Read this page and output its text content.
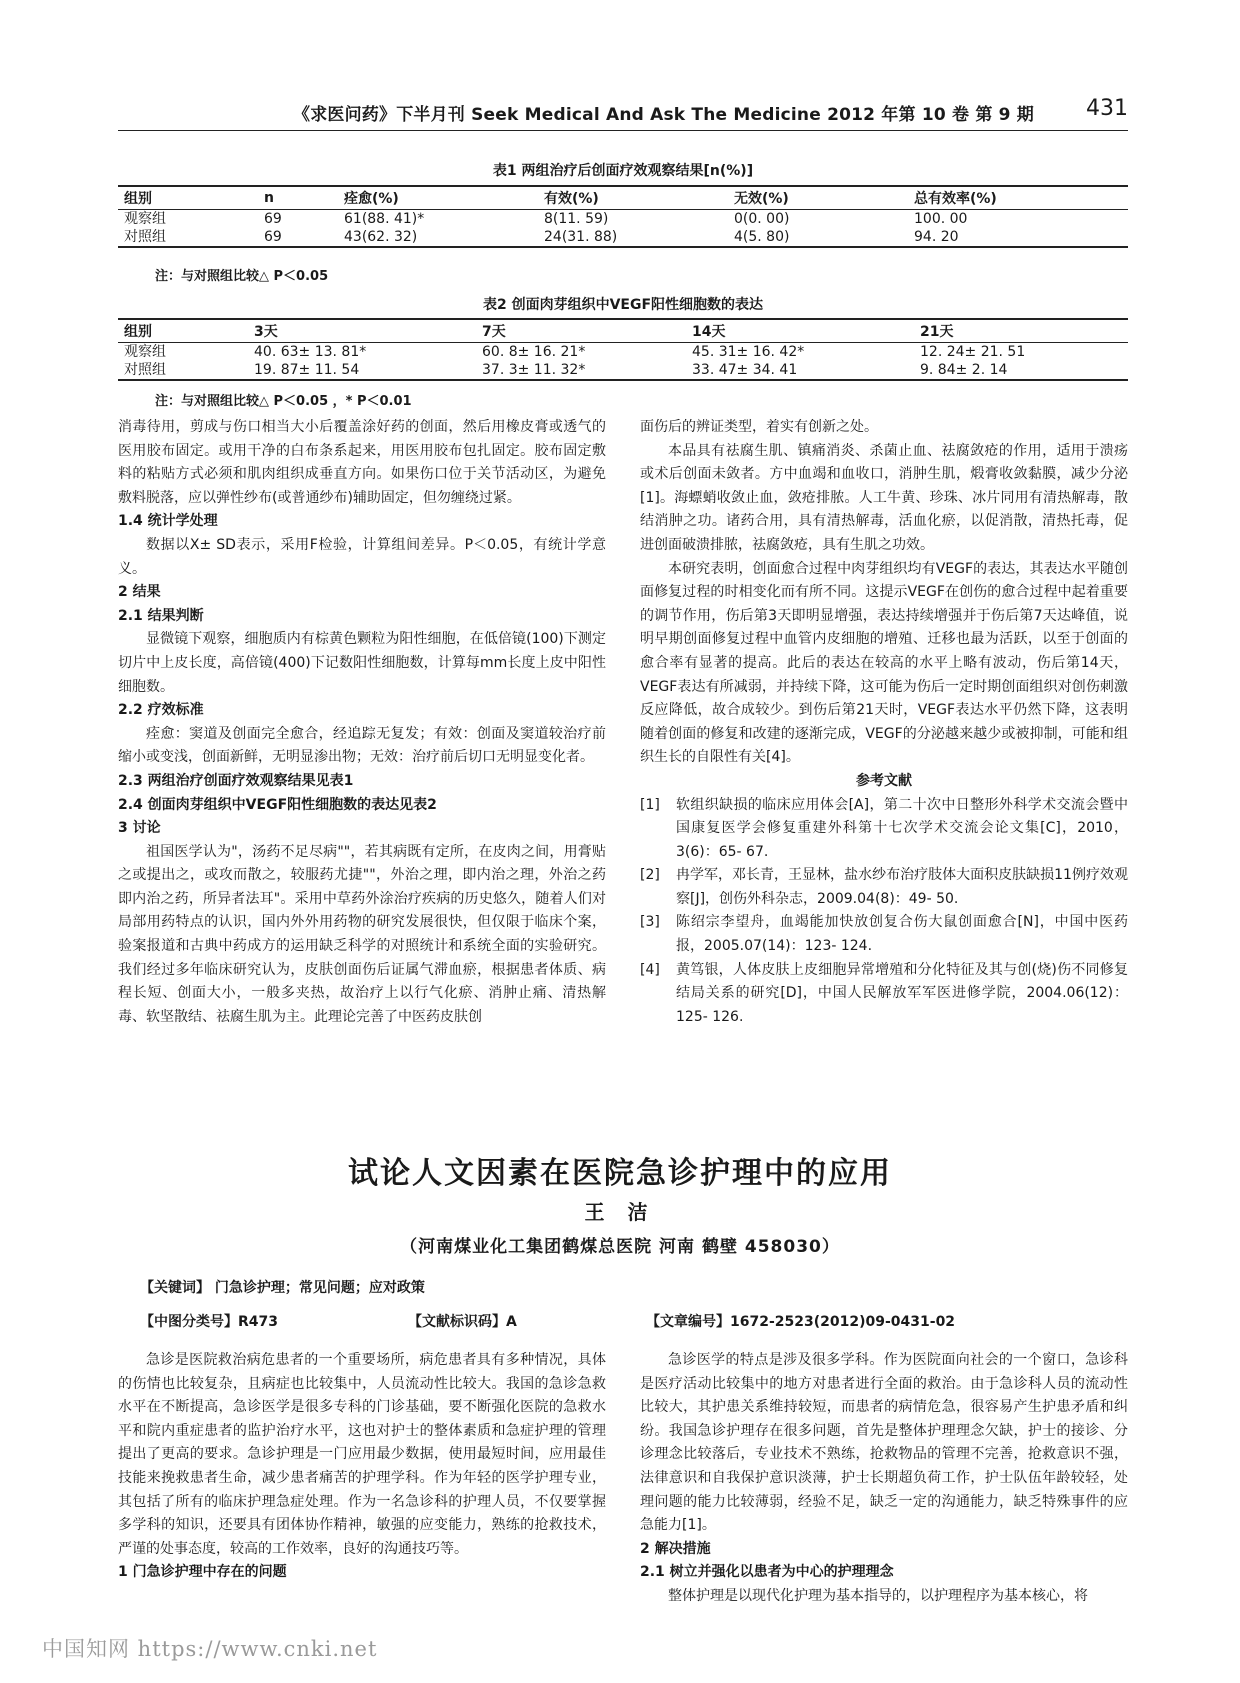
《求医问药》下半月刊 Seek Medical And Ask The Medicine 2012 年第 10 卷 第 9 期 431
表1 两组治疗后创面疗效观察结果[n(%)]
组别	n	痊愈(%)	有效(%)	无效(%)	总有效率(%)
观察组	69	61(88. 41)*	8(11. 59)	0(0. 00)	100. 00
对照组	69	43(62. 32)	24(31. 88)	4(5. 80)	94. 20
注：与对照组比较△ P＜0.05
表2 创面肉芽组织中VEGF阳性细胞数的表达
组别	3天	7天	14天	21天
观察组	40. 63± 13. 81*	60. 8± 16. 21*	45. 31± 16. 42*	12. 24± 21. 51
对照组	19. 87± 11. 54	37. 3± 11. 32*	33. 47± 34. 41	9. 84± 2. 14
注：与对照组比较△ P＜0.05 ，* P＜0.01

消毒待用，剪成与伤口相当大小后覆盖涂好药的创面，然后用橡皮膏或透气的医用胶布固定。或用干净的白布条系起来，用医用胶布包扎固定。胶布固定敷料的粘贴方式必须和肌肉组织成垂直方向。如果伤口位于关节活动区，为避免敷料脱落，应以弹性纱布(或普通纱布)辅助固定，但勿缠绕过紧。

1.4 统计学处理

数据以X± SD表示，采用F检验，计算组间差异。P＜0.05，有统计学意义。

2 结果

2.1 结果判断

显微镜下观察，细胞质内有棕黄色颗粒为阳性细胞，在低倍镜(100)下测定切片中上皮长度，高倍镜(400)下记数阳性细胞数，计算每mm长度上皮中阳性细胞数。

2.2 疗效标准

痊愈：窦道及创面完全愈合，经追踪无复发；有效：创面及窦道较治疗前缩小或变浅，创面新鲜，无明显渗出物；无效：治疗前后切口无明显变化者。

2.3 两组治疗创面疗效观察结果见表1

2.4 创面肉芽组织中VEGF阳性细胞数的表达见表2

3 讨论

祖国医学认为"，汤药不足尽病""，若其病既有定所，在皮肉之间，用膏贴之或提出之，或攻而散之，较服药尤捷""，外治之理，即内治之理，外治之药即内治之药，所异者法耳"。采用中草药外涂治疗疾病的历史悠久，随着人们对局部用药特点的认识，国内外外用药物的研究发展很快，但仅限于临床个案，验案报道和古典中药成方的运用缺乏科学的对照统计和系统全面的实验研究。我们经过多年临床研究认为，皮肤创面伤后证属气滞血瘀，根据患者体质、病程长短、创面大小，一般多夹热，故治疗上以行气化瘀、消肿止痛、清热解毒、软坚散结、祛腐生肌为主。此理论完善了中医药皮肤创

面伤后的辨证类型，着实有创新之处。

本品具有祛腐生肌、镇痛消炎、杀菌止血、祛腐敛疮的作用，适用于溃疡或术后创面未敛者。方中血竭和血收口，消肿生肌，煅膏收敛黏膜，减少分泌[1]。海螵蛸收敛止血，敛疮排脓。人工牛黄、珍珠、冰片同用有清热解毒，散结消肿之功。诸药合用，具有清热解毒，活血化瘀，以促消散，清热托毒，促进创面破溃排脓，祛腐敛疮，具有生肌之功效。

本研究表明，创面愈合过程中肉芽组织均有VEGF的表达，其表达水平随创面修复过程的时相变化而有所不同。这提示VEGF在创伤的愈合过程中起着重要的调节作用，伤后第3天即明显增强，表达持续增强并于伤后第7天达峰值，说明早期创面修复过程中血管内皮细胞的增殖、迁移也最为活跃，以至于创面的愈合率有显著的提高。此后的表达在较高的水平上略有波动，伤后第14天，VEGF表达有所减弱，并持续下降，这可能为伤后一定时期创面组织对创伤刺激反应降低，故合成较少。到伤后第21天时，VEGF表达水平仍然下降，这表明随着创面的修复和改建的逐渐完成，VEGF的分泌越来越少或被抑制，可能和组织生长的自限性有关[4]。

参考文献

[1]	软组织缺损的临床应用体会[A]，第二十次中日整形外科学术交流会暨中国康复医学会修复重建外科第十七次学术交流会论文集[C]，2010，3(6)：65- 67.
[2]	冉学军，邓长青，王显林，盐水纱布治疗肢体大面积皮肤缺损11例疗效观察[J]，创伤外科杂志，2009.04(8)：49- 50.
[3]	陈绍宗李望舟，血竭能加快放创复合伤大鼠创面愈合[N]，中国中医药报，2005.07(14)：123- 124.
[4]	黄笃银，人体皮肤上皮细胞异常增殖和分化特征及其与创(烧)伤不同修复结局关系的研究[D]，中国人民解放军军医进修学院，2004.06(12)：125- 126.
试论人文因素在医院急诊护理中的应用
王 洁
（河南煤业化工集团鹤煤总医院 河南 鹤壁 458030）
【关键词】 门急诊护理；常见问题；应对政策
【中图分类号】R473	【文献标识码】A	【文章编号】1672-2523(2012)09-0431-02

急诊是医院救治病危患者的一个重要场所，病危患者具有多种情况，具体的伤情也比较复杂，且病症也比较集中，人员流动性比较大。我国的急诊急救水平在不断提高，急诊医学是很多专科的门诊基础，要不断强化医院的急救水平和院内重症患者的监护治疗水平，这也对护士的整体素质和急症护理的管理提出了更高的要求。急诊护理是一门应用最少数据，使用最短时间，应用最佳技能来挽救患者生命，减少患者痛苦的护理学科。作为年轻的医学护理专业，其包括了所有的临床护理急症处理。作为一名急诊科的护理人员，不仅要掌握多学科的知识，还要具有团体协作精神，敏强的应变能力，熟练的抢救技术，严谨的处事态度，较高的工作效率，良好的沟通技巧等。

1 门急诊护理中存在的问题

急诊医学的特点是涉及很多学科。作为医院面向社会的一个窗口，急诊科是医疗活动比较集中的地方对患者进行全面的救治。由于急诊科人员的流动性比较大，其护患关系维持较短，而患者的病情危急，很容易产生护患矛盾和纠纷。我国急诊护理存在很多问题，首先是整体护理理念欠缺，护士的接诊、分诊理念比较落后，专业技术不熟练，抢救物品的管理不完善，抢救意识不强，法律意识和自我保护意识淡薄，护士长期超负荷工作，护士队伍年龄较轻，处理问题的能力比较薄弱，经验不足，缺乏一定的沟通能力，缺乏特殊事件的应急能力[1]。

2 解决措施

2.1 树立并强化以患者为中心的护理理念

整体护理是以现代化护理为基本指导的，以护理程序为基本核心，将

中国知网 https://www.cnki.net
